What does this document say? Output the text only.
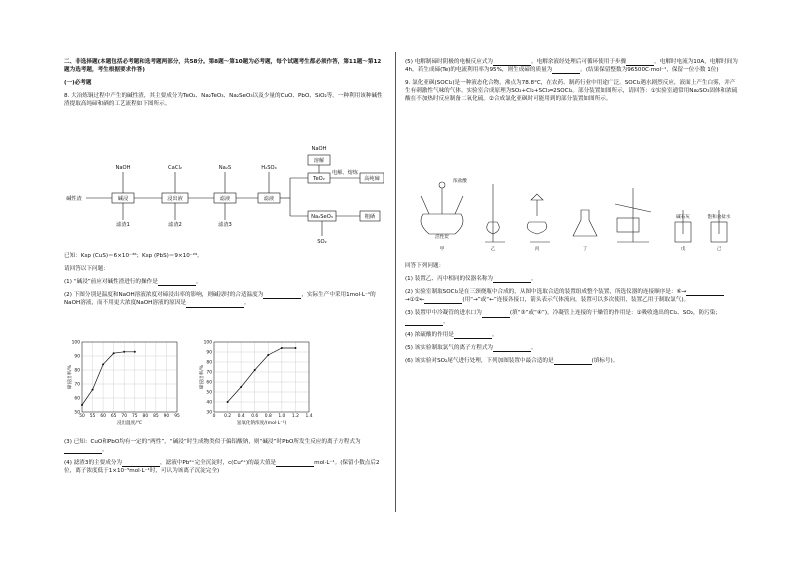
二、非选择题(本题包括必考题和选考题两部分，共58分。第8题～第10题为必考题，每个试题考生都必须作答，第11题～第12题为选考题，考生根据要求作答)

(一)必考题

8. 大冶炼铜过程中产生的碱性渣，其主要成分为TeO₂、Na₂TeO₃、Na₂SeO₃以及少量的CuO、PbO、SiO₂等。一种利用该种碱性渣提取高纯碲和硒的工艺流程如下图所示。

碱性渣
NaOH	CaCl₂	Na₂S	H₂SO₄
碱浸	浸出液	滤液	滤液
滤渣1	滤渣2	滤渣3
NaOH
溶解
TeO₂
电解、熔炼
高纯碲
Na₂SeO₃	粗硒
SO₂

已知：Ksp (CuS)＝6×10⁻³⁶；Ksp (PbS)＝9×10⁻²⁹。

请回答以下问题：

(1) “碱浸”前应对碱性渣进行的操作是	。

(2) 下图分别是温度和NaOH溶液浓度对碲浸出率的影响，则碱浸时的合适温度为	，实际生产中采用1mol·L⁻¹的NaOH溶液，而不用更大浓度NaOH溶液的原因是	。

50
60
70
80
90
100
50 55 60 65 70 75 80 85 90 95
浸出温度/℃
碲浸出率/%
30
40
50
60
70
80
90
100
0 0.2 0.4 0.6 0.8 1.0 1.2 1.4
氢氧化钠浓度/(mol·L⁻¹)
碲浸出率/%

(3) 已知：CuO和PbO均有一定的“两性”，“碱浸”时生成物类似于偏铝酸钠，则“碱浸”时PbO所发生反应的离子方程式为。

(4) 滤渣3的主要成分为	，滤液中Pb²⁺完全沉淀时，c(Cu²⁺)的最大值是	mol·L⁻¹。(保留小数点后2位，离子浓度低于1×10⁻⁵mol·L⁻¹时，可认为该离子沉淀完全)

(5) 电解制碲时阴极的电极反应式为	。电解余液经处理后可循环使用于步骤	。电解时电流为10A，电解时间为4h。若生成碲(Te)的电流利用率为95%，则生成碲的质量为	。(结果保留整数为96500C·mol⁻¹，保留一位小数 1位)

9. 氯化亚砜(SOCl₂)是一种液态化合物，沸点为78.8°C，在农药、制药行业中用途广泛。SOCl₂遇水剧烈反应，液面上产生白雾，并产生有刺激性气味的气体。实验室合成原理为SO₂+Cl₂+SCl₂═2SOCl₂。部分装置如图所示，请回答：①实验室通常用Na₂SO₃固体和浓硫酸在不加热时反应制备二氧化硫。②合成氯化亚砜时可能用到的部分装置如图所示。

甲	乙	丙	丁	戊	己
浓盐酸
活性炭
碱石灰	饱和食盐水

回答下列问题：

(1) 装置乙、丙中相同的仪器名称为	。

(2) 实验室制取SOCl₂是在三颈烧瓶中合成的，从图中选取合适的装置组成整个装置，所选仪器的连接顺序是：⑥→→①②←	(用“→”或“←”连接各接口，箭头表示气体流向，装置可以多次使用，装置乙用于制取氯气)。

(3) 装置甲中冷凝管的进水口为	(填“③”或“④”)。冷凝管上连接的干燥管的作用是：①吸收逸出的Cl₂、SO₂，防污染；。

(4) 浓硫酸的作用是	。

(5) 该实验制取氯气的离子方程式为	。

(6) 该实验对SO₂尾气进行处理，下列加图装置中最合适的是	(填标号)。
